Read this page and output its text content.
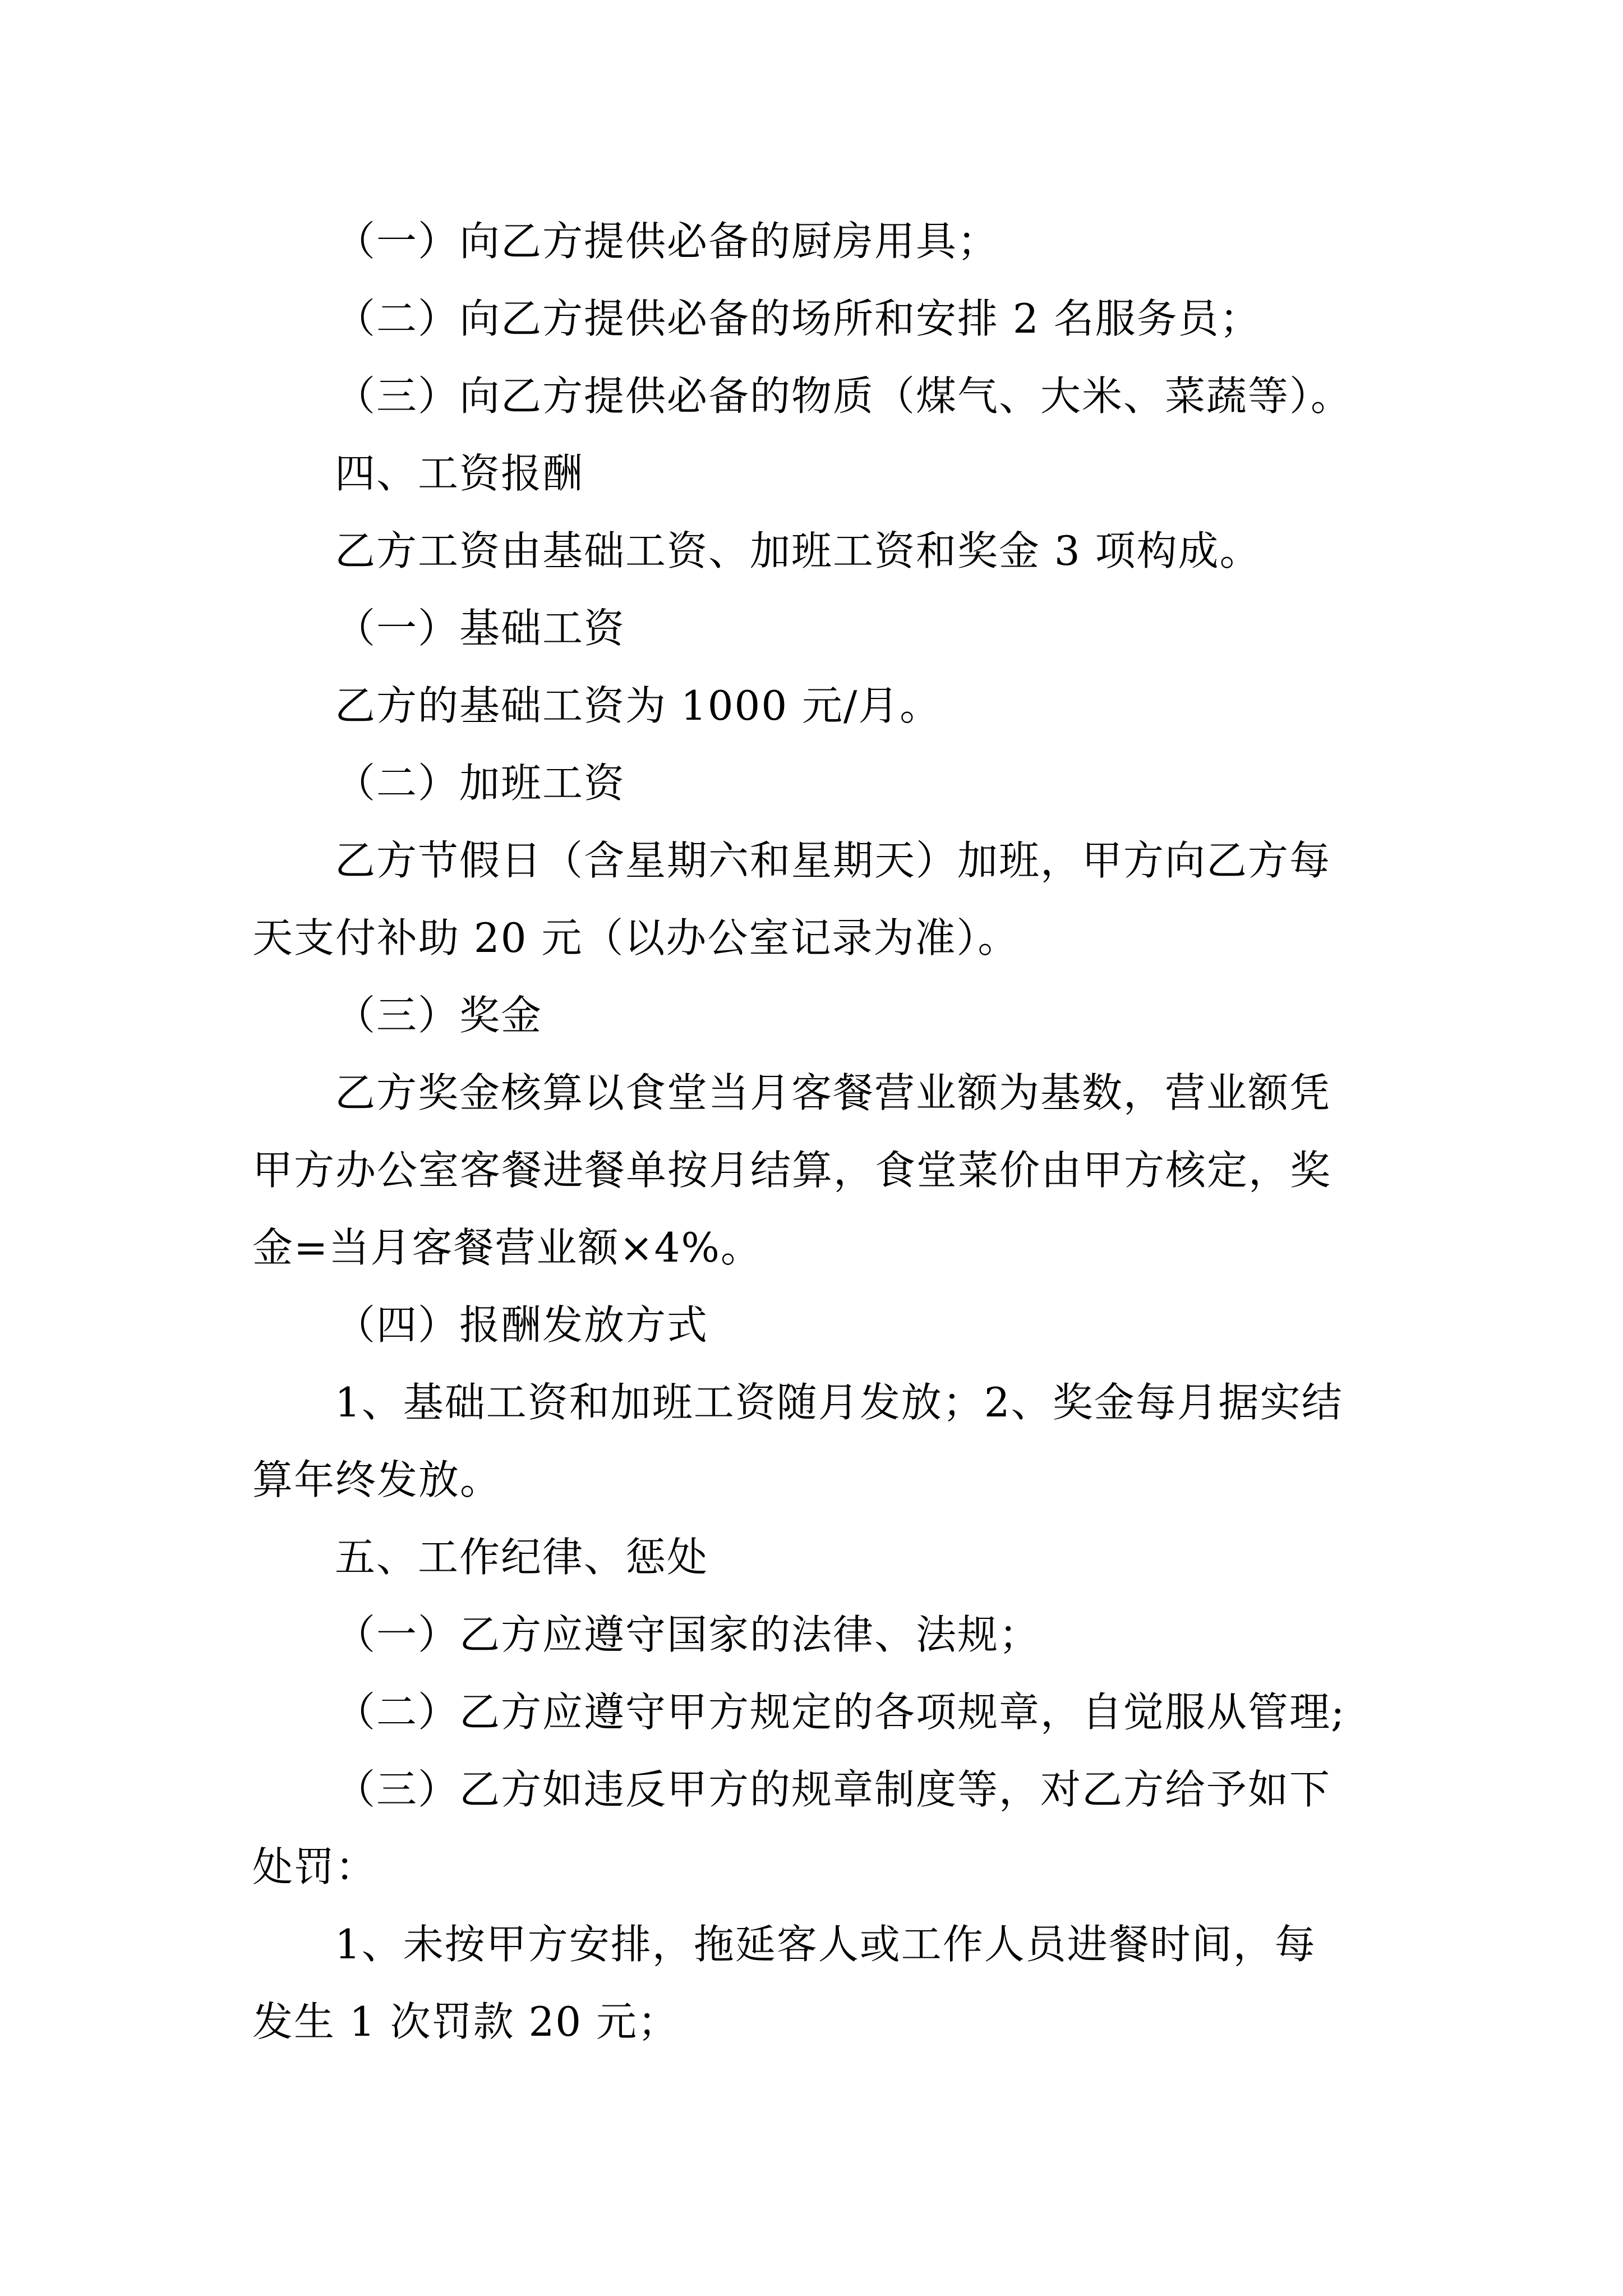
（一）向乙方提供必备的厨房用具；
（二）向乙方提供必备的场所和安排 2 名服务员；
（三）向乙方提供必备的物质（煤气、大米、菜蔬等）。
四、工资报酬
乙方工资由基础工资、加班工资和奖金 3 项构成。
（一）基础工资
乙方的基础工资为 1000 元/月。
（二）加班工资
乙方节假日（含星期六和星期天）加班，甲方向乙方每
天支付补助 20 元（以办公室记录为准）。
（三）奖金
乙方奖金核算以食堂当月客餐营业额为基数，营业额凭
甲方办公室客餐进餐单按月结算，食堂菜价由甲方核定，奖
金=当月客餐营业额×4%。
（四）报酬发放方式
1、基础工资和加班工资随月发放；2、奖金每月据实结
算年终发放。
五、工作纪律、惩处
（一）乙方应遵守国家的法律、法规；
（二）乙方应遵守甲方规定的各项规章，自觉服从管理;
（三）乙方如违反甲方的规章制度等，对乙方给予如下
处罚：
1、未按甲方安排，拖延客人或工作人员进餐时间，每
发生 1 次罚款 20 元；
